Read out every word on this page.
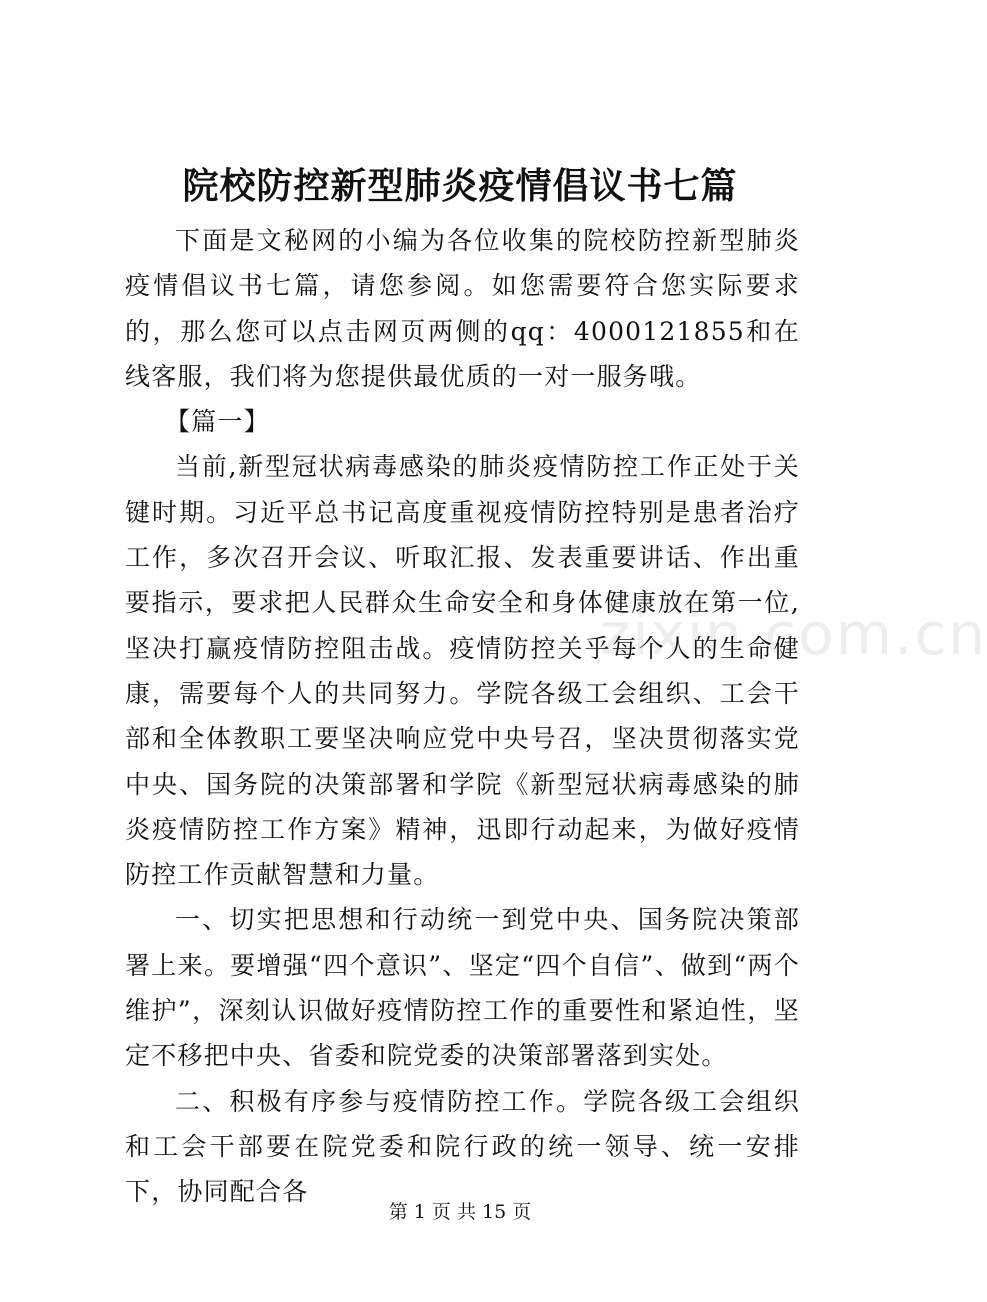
院校防控新型肺炎疫情倡议书七篇

下面是文秘网的小编为各位收集的院校防控新型肺炎疫情倡议书七篇，请您参阅。如您需要符合您实际要求的，那么您可以点击网页两侧的qq：4000121855和在线客服，我们将为您提供最优质的一对一服务哦。

【篇一】

当前,新型冠状病毒感染的肺炎疫情防控工作正处于关键时期。习近平总书记高度重视疫情防控特别是患者治疗工作，多次召开会议、听取汇报、发表重要讲话、作出重要指示，要求把人民群众生命安全和身体健康放在第一位,坚决打赢疫情防控阻击战。疫情防控关乎每个人的生命健康，需要每个人的共同努力。学院各级工会组织、工会干部和全体教职工要坚决响应党中央号召，坚决贯彻落实党中央、国务院的决策部署和学院《新型冠状病毒感染的肺炎疫情防控工作方案》精神，迅即行动起来，为做好疫情防控工作贡献智慧和力量。

一、切实把思想和行动统一到党中央、国务院决策部署上来。要增强“四个意识”、坚定“四个自信”、做到“两个维护”，深刻认识做好疫情防控工作的重要性和紧迫性，坚定不移把中央、省委和院党委的决策部署落到实处。

二、积极有序参与疫情防控工作。学院各级工会组织和工会干部要在院党委和院行政的统一领导、统一安排下，协同配合各

zixin.com.cn
第 1 页 共 15 页
